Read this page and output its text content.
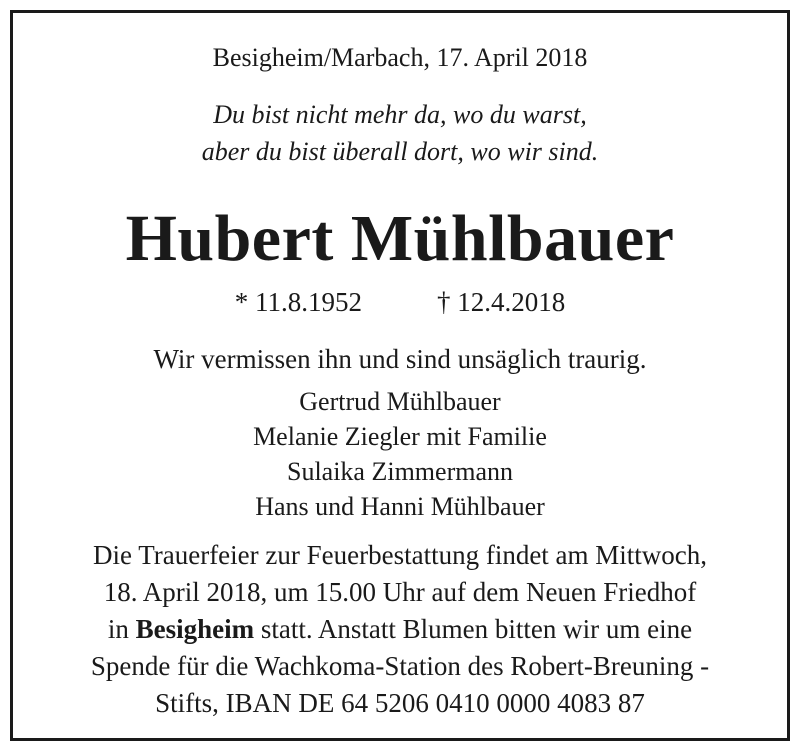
Besigheim/Marbach, 17. April 2018
Du bist nicht mehr da, wo du warst,
aber du bist überall dort, wo wir sind.
Hubert Mühlbauer
* 11.8.1952	† 12.4.2018
Wir vermissen ihn und sind unsäglich traurig.
Gertrud Mühlbauer
Melanie Ziegler mit Familie
Sulaika Zimmermann
Hans und Hanni Mühlbauer
Die Trauerfeier zur Feuerbestattung findet am Mittwoch,
18. April 2018, um 15.00 Uhr auf dem Neuen Friedhof
in Besigheim statt. Anstatt Blumen bitten wir um eine
Spende für die Wachkoma-Station des Robert-Breuning -
Stifts, IBAN DE 64 5206 0410 0000 4083 87
